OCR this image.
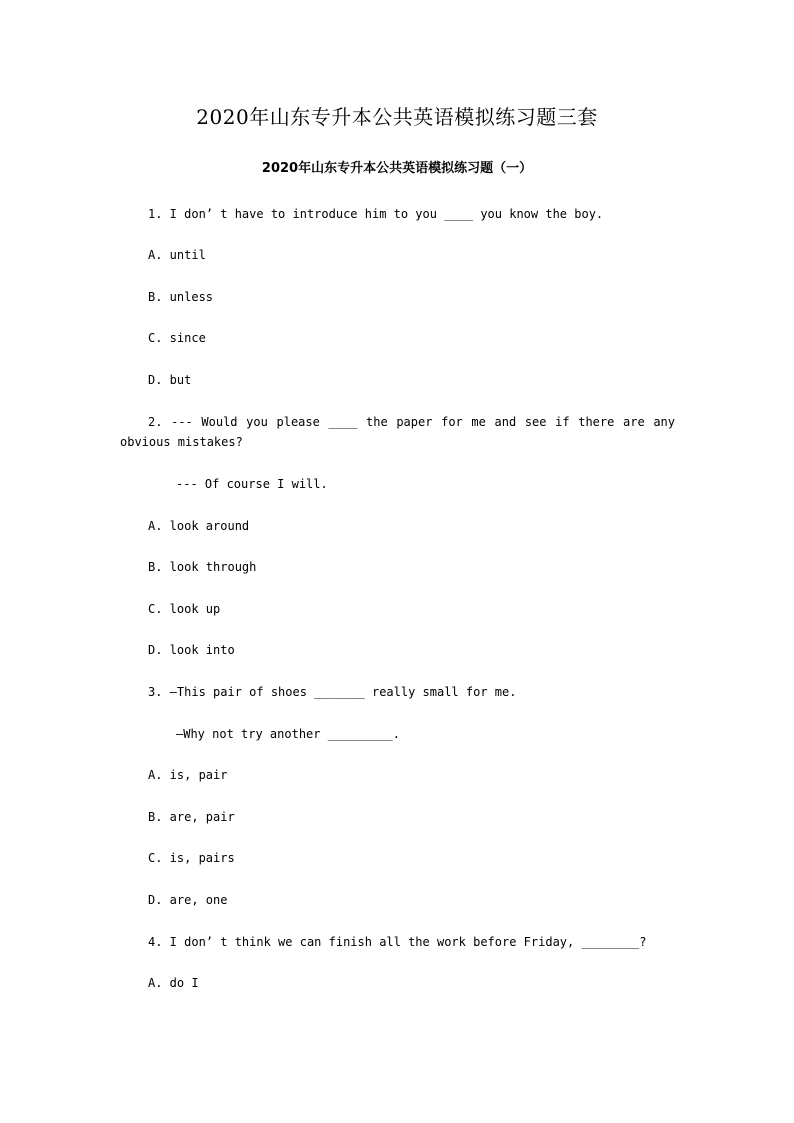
2020年山东专升本公共英语模拟练习题三套
2020年山东专升本公共英语模拟练习题（一）
1. I don’ t have to introduce him to you ____ you know the boy.
A. until
B. unless
C. since
D. but
2. --- Would you please ____ the paper for me and see if there are any
obvious mistakes?
--- Of course I will.
A. look around
B. look through
C. look up
D. look into
3. —This pair of shoes _______ really small for me.
—Why not try another _________.
A. is, pair
B. are, pair
C. is, pairs
D. are, one
4. I don’ t think we can finish all the work before Friday, ________?
A. do I
